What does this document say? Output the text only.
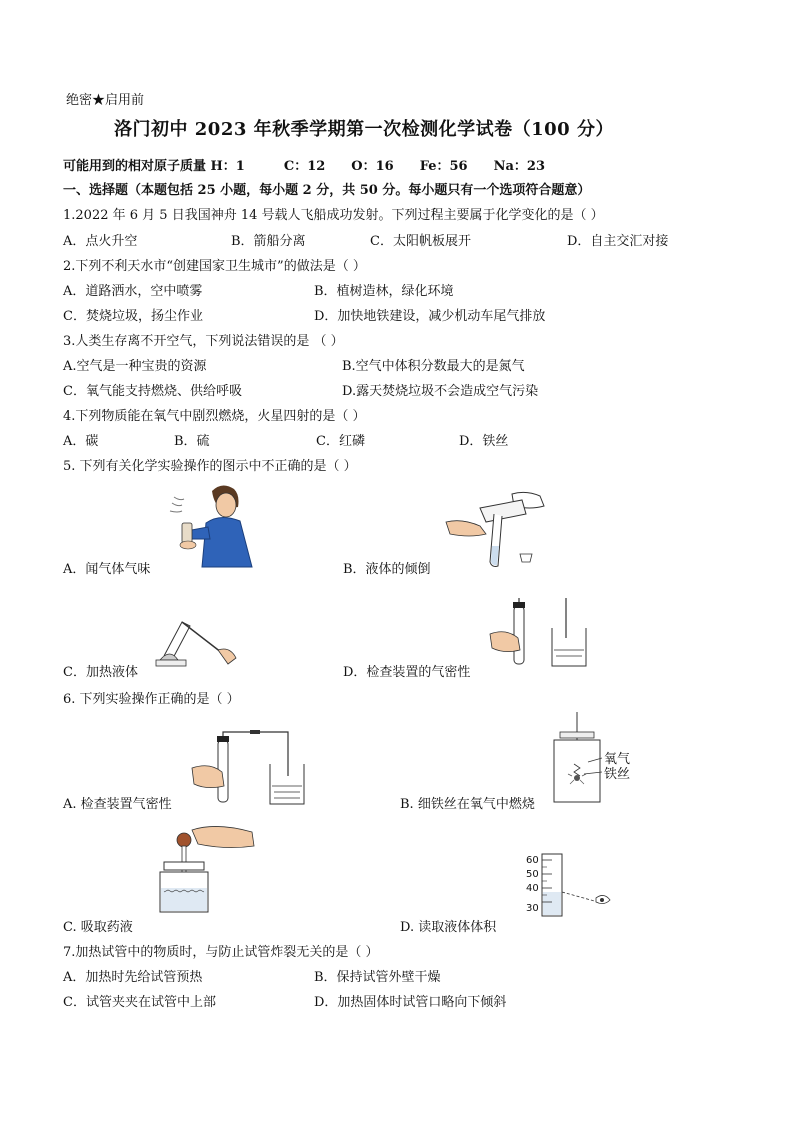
绝密★启用前
洛门初中 2023 年秋季学期第一次检测化学试卷（100 分）
可能用到的相对原子质量 H：1　　　C：12　　O：16　　Fe：56　　Na：23
一、选择题（本题包括 25 小题，每小题 2 分，共 50 分。每小题只有一个选项符合题意）
1.2022 年 6 月 5 日我国神舟 14 号载人飞船成功发射。下列过程主要属于化学变化的是（ ）
A．点火升空	B．箭船分离	C．太阳帆板展开	D．自主交汇对接
2.下列不利天水市“创建国家卫生城市”的做法是（ ）
A．道路洒水，空中喷雾	B．植树造林，绿化环境
C．焚烧垃圾，扬尘作业	D．加快地铁建设，减少机动车尾气排放
3.人类生存离不开空气，下列说法错误的是 （ ）
A.空气是一种宝贵的资源	B.空气中体积分数最大的是氮气
C．氧气能支持燃烧、供给呼吸	D.露天焚烧垃圾不会造成空气污染
4.下列物质能在氧气中剧烈燃烧，火星四射的是（ ）
A．碳	B．硫	C．红磷	D．铁丝
5. 下列有关化学实验操作的图示中不正确的是（ ）
A．闻气体气味	B．液体的倾倒
C．加热液体	D．检查装置的气密性
6. 下列实验操作正确的是（ ）
A. 检查装置气密性
氧气
铁丝
B. 细铁丝在氧气中燃烧
C. 吸取药液
60
50
40
30
D. 读取液体体积
7.加热试管中的物质时，与防止试管炸裂无关的是（ ）
A．加热时先给试管预热	B．保持试管外壁干燥
C．试管夹夹在试管中上部	D．加热固体时试管口略向下倾斜
